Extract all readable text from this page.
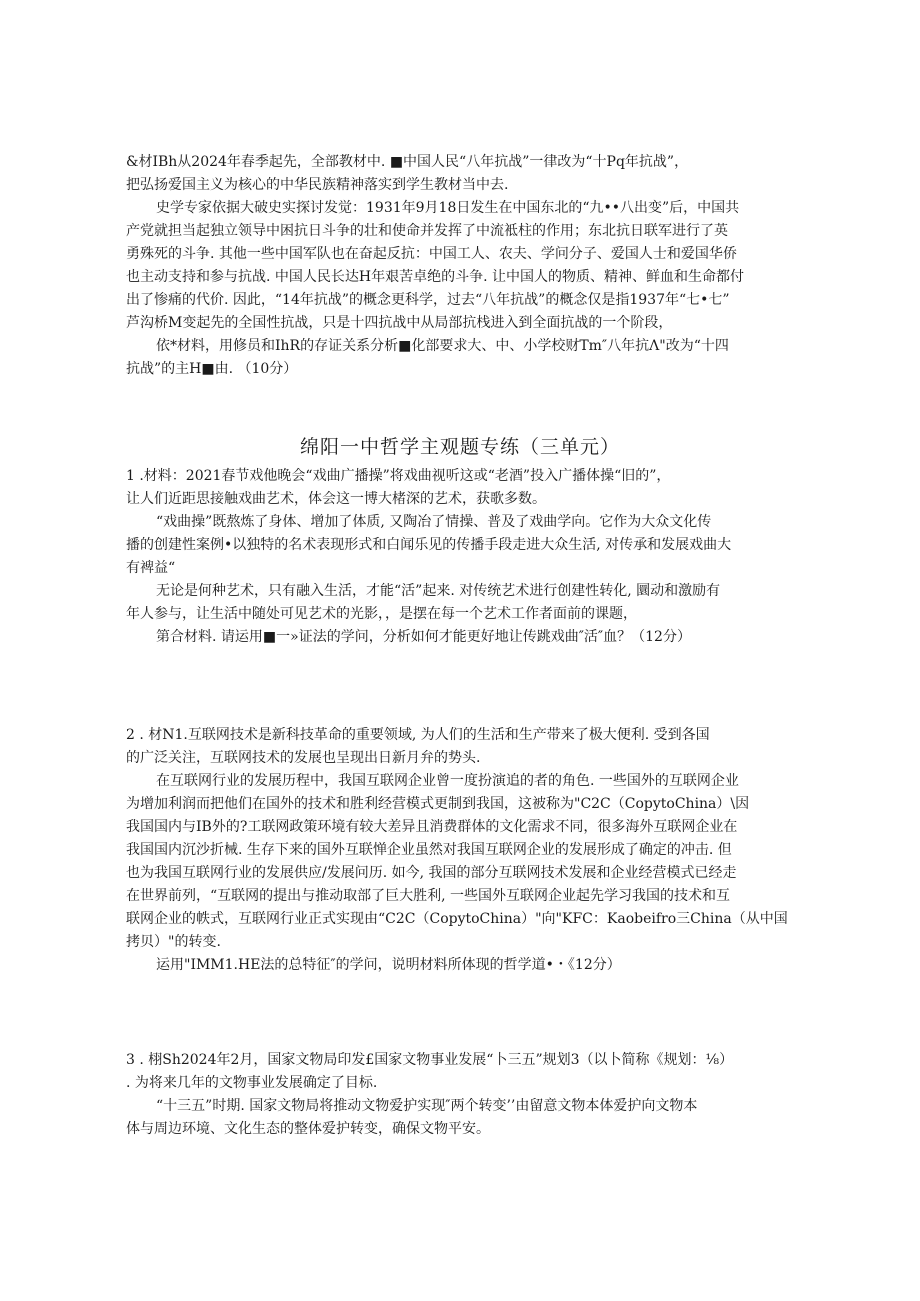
&材IBh从2024年春季起先，全部教材中. ■中国人民“八年抗战”一律改为“十Pq年抗战”，
把弘扬爱国主义为核心的中华民族精神落实到学生教材当中去.
史学专家依据大破史实探讨发觉：1931年9月18日发生在中国东北的“九••八出变”后，中国共
产党就担当起独立领导中困抗日斗争的壮和使命并发挥了中流袛柱的作用；东北抗日联军进行了英
勇殊死的斗争. 其他一些中国军队也在奋起反抗：中国工人、农夫、学问分子、爱国人士和爱国华侨
也主动支持和参与抗战. 中国人民长达H年艰苦卓绝的斗争. 让中国人的物质、精神、鲜血和生命都付
出了惨痛的代价. 因此，“14年抗战”的概念更科学，过去“八年抗战”的概念仅是指1937年“七•七”
芦沟桥M变起先的全国性抗战，只是十四抗战中从局部抗栈进入到全面抗战的一个阶段，
依*材料，用修员和IhR的存证关系分析■化部要求大、中、小学校财Tm″八年抗Λ"改为“十四
抗战”的主H■由. （10分）
绵阳一中哲学主观题专练（三单元）
1 .材料：2021春节戏他晚会“戏曲广播操”将戏曲视听这或“老酒”投入广播体操“旧的”，
让人们近距思接触戏曲艺术，体会这一博大楮深的艺术，获歌多数。
“戏曲操”既熬炼了身体、增加了体质, 又陶冶了情操、普及了戏曲学向。它作为大众文化传
播的创建性案例•以独特的名术表现形式和白闻乐见的传播手段走进大众生活, 对传承和发展戏曲大
有裨益“
无论是何种艺术，只有融入生活，才能“活”起来. 对传统艺术进行创建性转化, 圜动和激励有
年人参与，让生活中随处可见艺术的光影，，是摆在每一个艺术工作者面前的课题，
第合材料. 请运用■一»证法的学问，分析如何才能更好地让传跳戏曲″活″血？（12分）
2 . 材N1.互联网技术是新科技革命的重要领域, 为人们的生活和生产带来了极大便利. 受到各国
的广泛关注，互联网技术的发展也呈现出日新月弁的势头.
在互联网行业的发展历程中，我国互联网企业曾一度扮演追的者的角色. 一些国外的互联网企业
为增加利润而把他们在国外的技术和胜利经营模式更制到我国，这被称为"C2C（CopytoChina）\因
我国国内与IB外的?工联网政策环境有较大差异且消费群体的文化需求不同，很多海外互联网企业在
我国国内沉沙折械. 生存下来的国外互联惮企业虽然对我国互联网企业的发展形成了确定的冲击. 但
也为我国互联网行业的发展供应/发展问历. 如今, 我国的部分互联网技术发展和企业经营模式已经走
在世界前列，“互联网的提出与推动取部了巨大胜利, 一些国外互联网企业起先学习我国的技术和互
联网企业的帙式，互联网行业正式实现由“C2C（CopytoChina）"向"KFC：Kaobeifro三China（从中国
拷贝）"的转变.
运用"IMM1.HE法的总特征″的学问，说明材料所体现的哲学道•・《12分）
3 . 栩Sh2024年2月，国家文物局印发£国家文物事业发展“卜三五”规划3（以卜简称《规划：⅛）
. 为将来几年的文物事业发展确定了目标.
“十三五”时期. 国家文物局将推动文物爱护实现″两个转变’’由留意文物本体爱护向文物本
体与周边环境、文化生态的整体爱护转变，确保文物平安。
